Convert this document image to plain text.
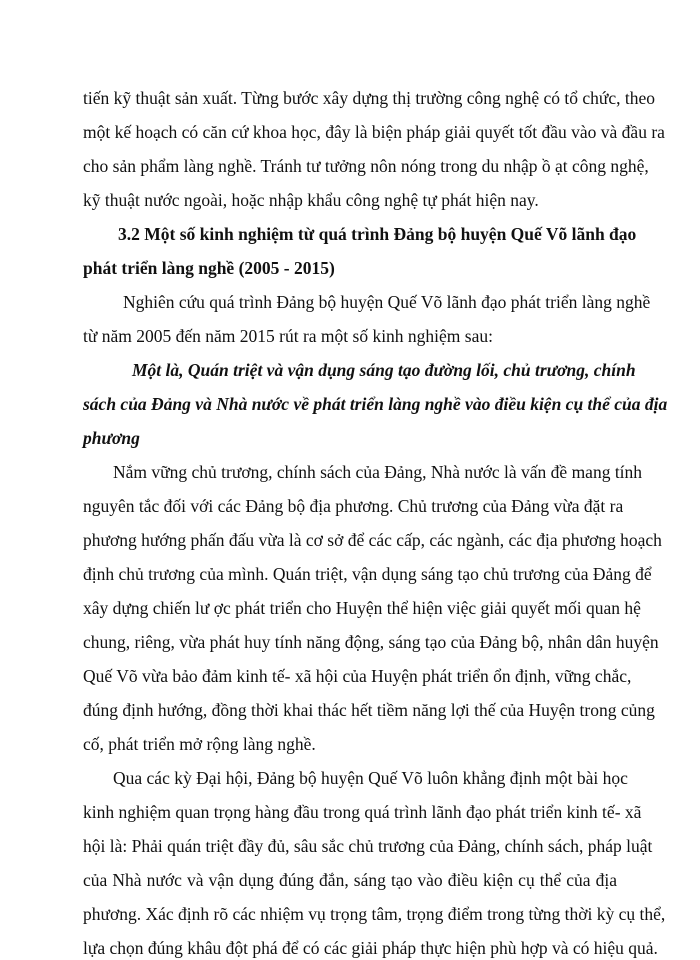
tiến kỹ thuật sản xuất. Từng bước xây dựng thị trường công nghệ có tổ chức, theo
một kế hoạch có căn cứ khoa học, đây là biện pháp giải quyết tốt đầu vào và đầu ra
cho sản phẩm làng nghề. Tránh tư tưởng nôn nóng trong du nhập ồ ạt công nghệ,
kỹ thuật nước ngoài, hoặc nhập khẩu công nghệ tự phát hiện nay.
3.2 Một số kinh nghiệm từ quá trình Đảng bộ huyện Quế Võ lãnh đạo
phát triển làng nghề (2005 - 2015)
Nghiên cứu quá trình Đảng bộ huyện Quế Võ lãnh đạo phát triển làng nghề
từ năm 2005 đến năm 2015 rút ra một số kinh nghiệm sau:
Một là, Quán triệt và vận dụng sáng tạo đường lối, chủ trương, chính
sách của Đảng và Nhà nước về phát triển làng nghề vào điều kiện cụ thể của địa
phương
Nắm vững chủ trương, chính sách của Đảng, Nhà nước là vấn đề mang tính
nguyên tắc đối với các Đảng bộ địa phương. Chủ trương của Đảng vừa đặt ra
phương hướng phấn đấu vừa là cơ sở để các cấp, các ngành, các địa phương hoạch
định chủ trương của mình. Quán triệt, vận dụng sáng tạo chủ trương của Đảng để
xây dựng chiến lư ợc phát triển cho Huyện thể hiện việc giải quyết mối quan hệ
chung, riêng, vừa phát huy tính năng động, sáng tạo của Đảng bộ, nhân dân huyện
Quế Võ vừa bảo đảm kinh tế- xã hội của Huyện phát triển ổn định, vững chắc,
đúng định hướng, đồng thời khai thác hết tiềm năng lợi thế của Huyện trong củng
cố, phát triển mở rộng làng nghề.
Qua các kỳ Đại hội, Đảng bộ huyện Quế Võ luôn khẳng định một bài học
kinh nghiệm quan trọng hàng đầu trong quá trình lãnh đạo phát triển kinh tế- xã
hội là: Phải quán triệt đầy đủ, sâu sắc chủ trương của Đảng, chính sách, pháp luật
của Nhà nước và vận dụng đúng đắn, sáng tạo vào điều kiện cụ thể của địa
phương. Xác định rõ các nhiệm vụ trọng tâm, trọng điểm trong từng thời kỳ cụ thể,
lựa chọn đúng khâu đột phá để có các giải pháp thực hiện phù hợp và có hiệu quả.
